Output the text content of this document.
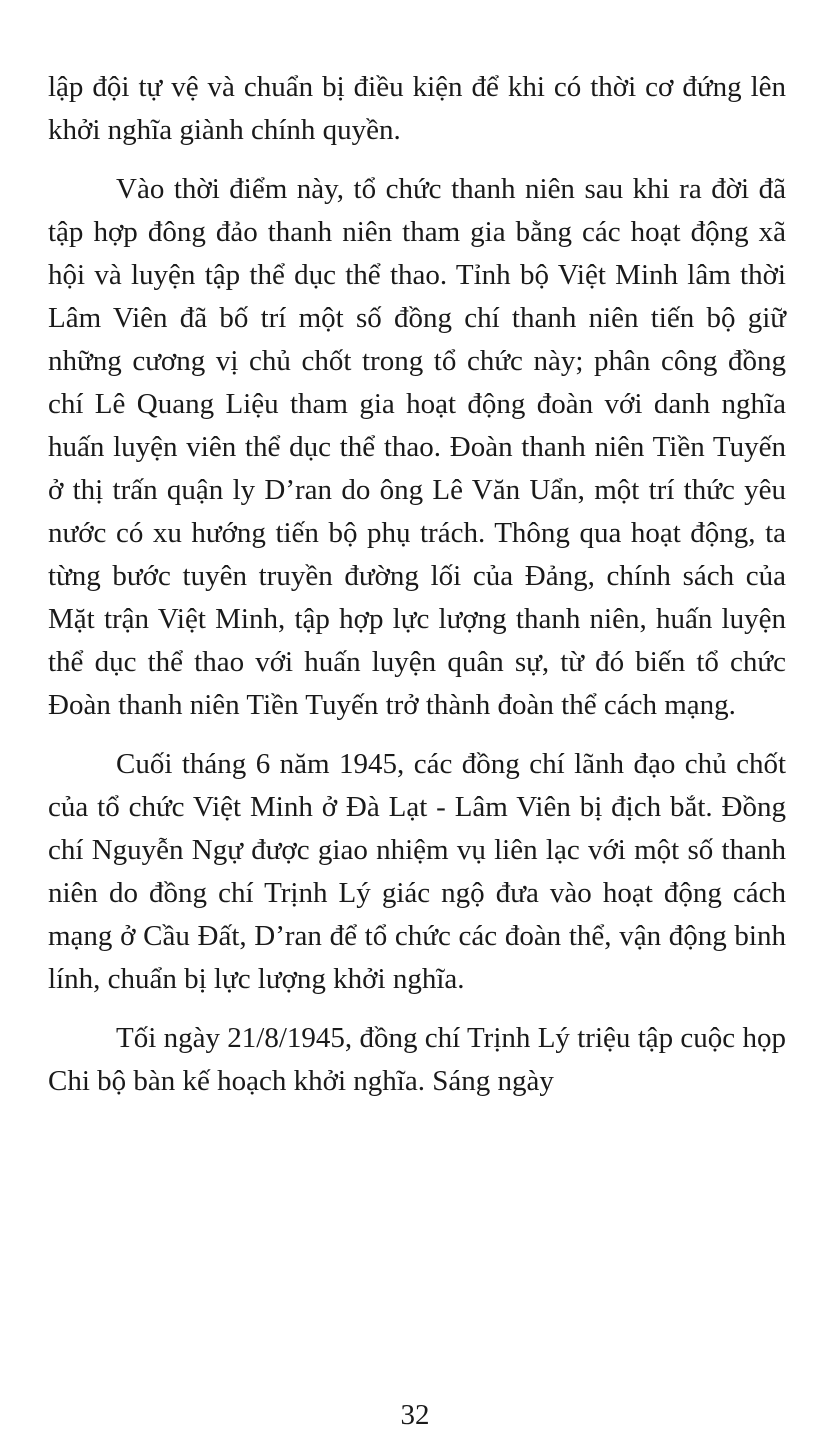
lập đội tự vệ và chuẩn bị điều kiện để khi có thời cơ đứng lên khởi nghĩa giành chính quyền.

Vào thời điểm này, tổ chức thanh niên sau khi ra đời đã tập hợp đông đảo thanh niên tham gia bằng các hoạt động xã hội và luyện tập thể dục thể thao. Tỉnh bộ Việt Minh lâm thời Lâm Viên đã bố trí một số đồng chí thanh niên tiến bộ giữ những cương vị chủ chốt trong tổ chức này; phân công đồng chí Lê Quang Liệu tham gia hoạt động đoàn với danh nghĩa huấn luyện viên thể dục thể thao. Đoàn thanh niên Tiền Tuyến ở thị trấn quận ly D’ran do ông Lê Văn Uẩn, một trí thức yêu nước có xu hướng tiến bộ phụ trách. Thông qua hoạt động, ta từng bước tuyên truyền đường lối của Đảng, chính sách của Mặt trận Việt Minh, tập hợp lực lượng thanh niên, huấn luyện thể dục thể thao với huấn luyện quân sự, từ đó biến tổ chức Đoàn thanh niên Tiền Tuyến trở thành đoàn thể cách mạng.

Cuối tháng 6 năm 1945, các đồng chí lãnh đạo chủ chốt của tổ chức Việt Minh ở Đà Lạt - Lâm Viên bị địch bắt. Đồng chí Nguyễn Ngự được giao nhiệm vụ liên lạc với một số thanh niên do đồng chí Trịnh Lý giác ngộ đưa vào hoạt động cách mạng ở Cầu Đất, D’ran để tổ chức các đoàn thể, vận động binh lính, chuẩn bị lực lượng khởi nghĩa.

Tối ngày 21/8/1945, đồng chí Trịnh Lý triệu tập cuộc họp Chi bộ bàn kế hoạch khởi nghĩa. Sáng ngày

32
